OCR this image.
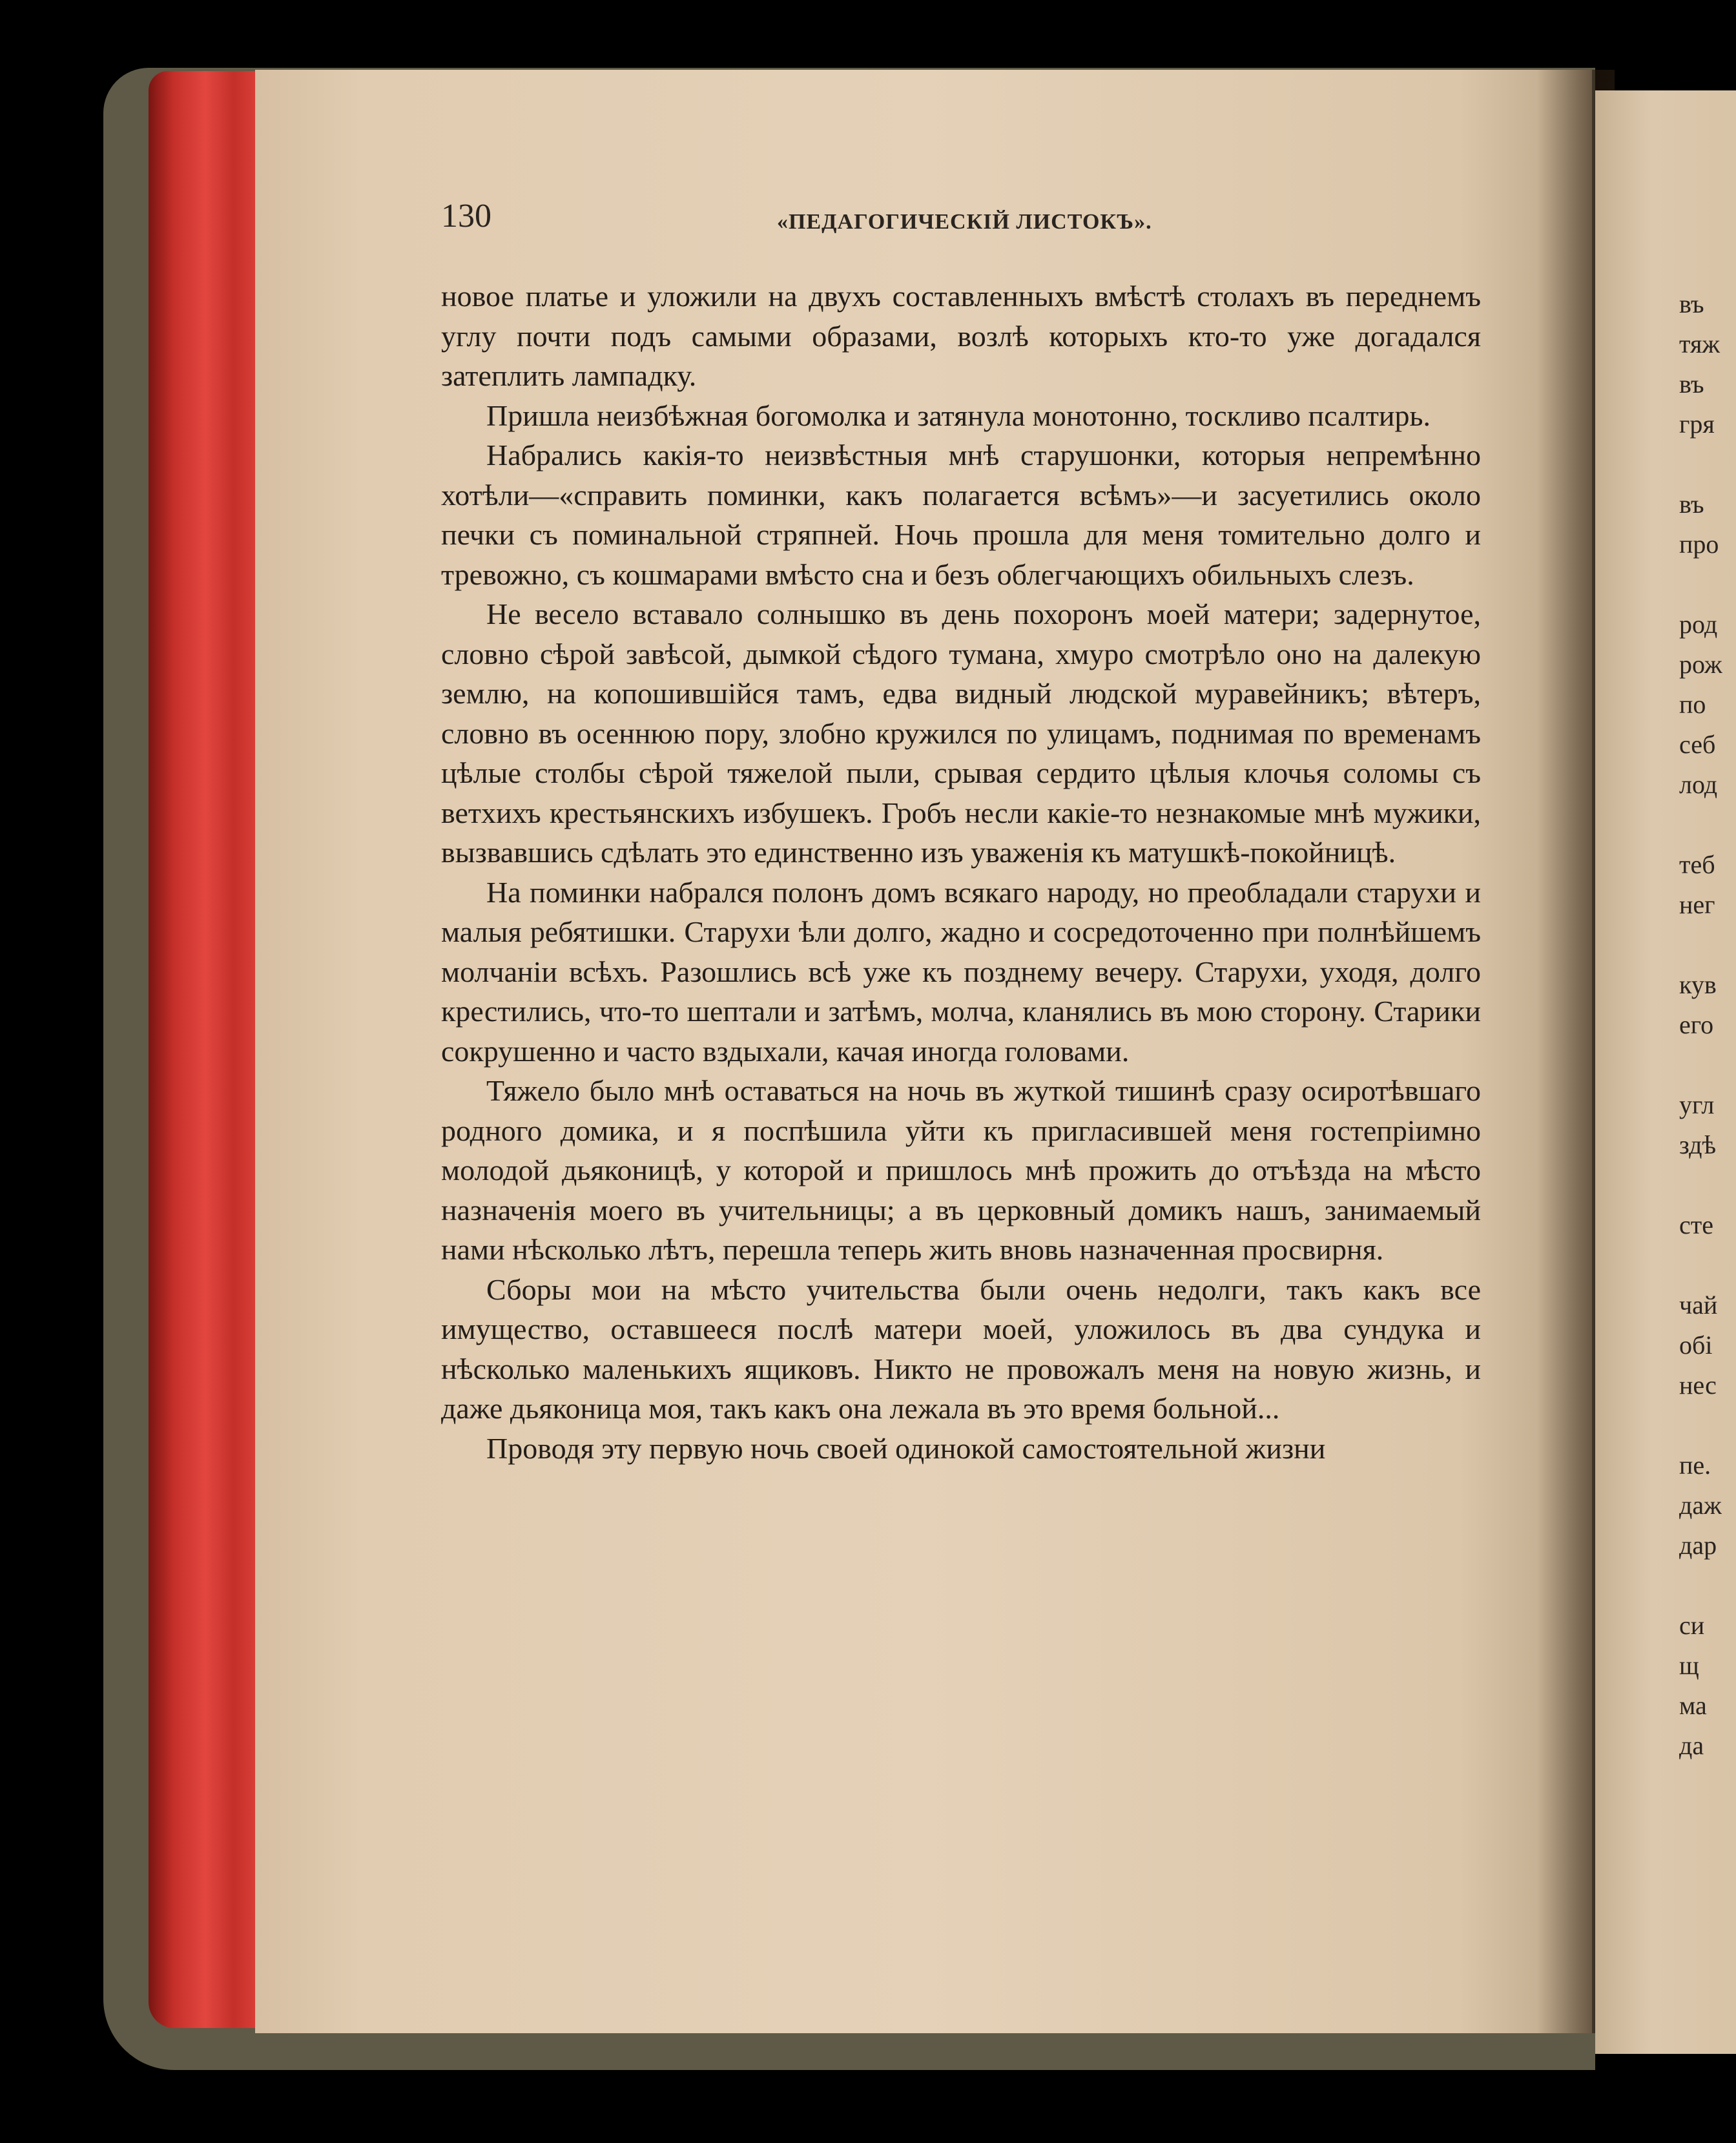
130	«ПЕДАГОГИЧЕСКІЙ ЛИСТОКЪ».

новое платье и уложили на двухъ составленныхъ вмѣстѣ столахъ въ переднемъ углу почти подъ самыми образами, возлѣ которыхъ кто-то уже догадался затеплить лампадку.

Пришла неизбѣжная богомолка и затянула монотонно, тоскливо псалтирь.

Набрались какія-то неизвѣстныя мнѣ старушонки, которыя непремѣнно хотѣли—«справить поминки, какъ полагается всѣмъ»—и засуетились около печки съ поминальной стряпней. Ночь прошла для меня томительно долго и тревожно, съ кошмарами вмѣсто сна и безъ облегчающихъ обильныхъ слезъ.

Не весело вставало солнышко въ день похоронъ моей матери; задернутое, словно сѣрой завѣсой, дымкой сѣдого тумана, хмуро смотрѣло оно на далекую землю, на копошившійся тамъ, едва видный людской муравейникъ; вѣтеръ, словно въ осеннюю пору, злобно кружился по улицамъ, поднимая по временамъ цѣлые столбы сѣрой тяжелой пыли, срывая сердито цѣлыя клочья соломы съ ветхихъ крестьянскихъ избушекъ. Гробъ несли какіе-то незнакомые мнѣ мужики, вызвавшись сдѣлать это единственно изъ уваженія къ матушкѣ-покойницѣ.

На поминки набрался полонъ домъ всякаго народу, но преобладали старухи и малыя ребятишки. Старухи ѣли долго, жадно и сосредоточенно при полнѣйшемъ молчаніи всѣхъ. Разошлись всѣ уже къ позднему вечеру. Старухи, уходя, долго крестились, что-то шептали и затѣмъ, молча, кланялись въ мою сторону. Старики сокрушенно и часто вздыхали, качая иногда головами.

Тяжело было мнѣ оставаться на ночь въ жуткой тишинѣ сразу осиротѣвшаго родного домика, и я поспѣшила уйти къ пригласившей меня гостепріимно молодой дьяконицѣ, у которой и пришлось мнѣ прожить до отъѣзда на мѣсто назначенія моего въ учительницы; а въ церковный домикъ нашъ, занимаемый нами нѣсколько лѣтъ, перешла теперь жить вновь назначенная просвирня.

Сборы мои на мѣсто учительства были очень недолги, такъ какъ все имущество, оставшееся послѣ матери моей, уложилось въ два сундука и нѣсколько маленькихъ ящиковъ. Никто не провожалъ меня на новую жизнь, и даже дьяконица моя, такъ какъ она лежала въ это время больной...

Проводя эту первую ночь своей одинокой самостоятельной жизни

въ
тяж
въ
гря
въ
про
род
рож
по
себ
лод
теб
нег
кув
его
угл
здѣ
сте
чай
обі
нес
пе.
даж
дар
си
щ
ма
да
